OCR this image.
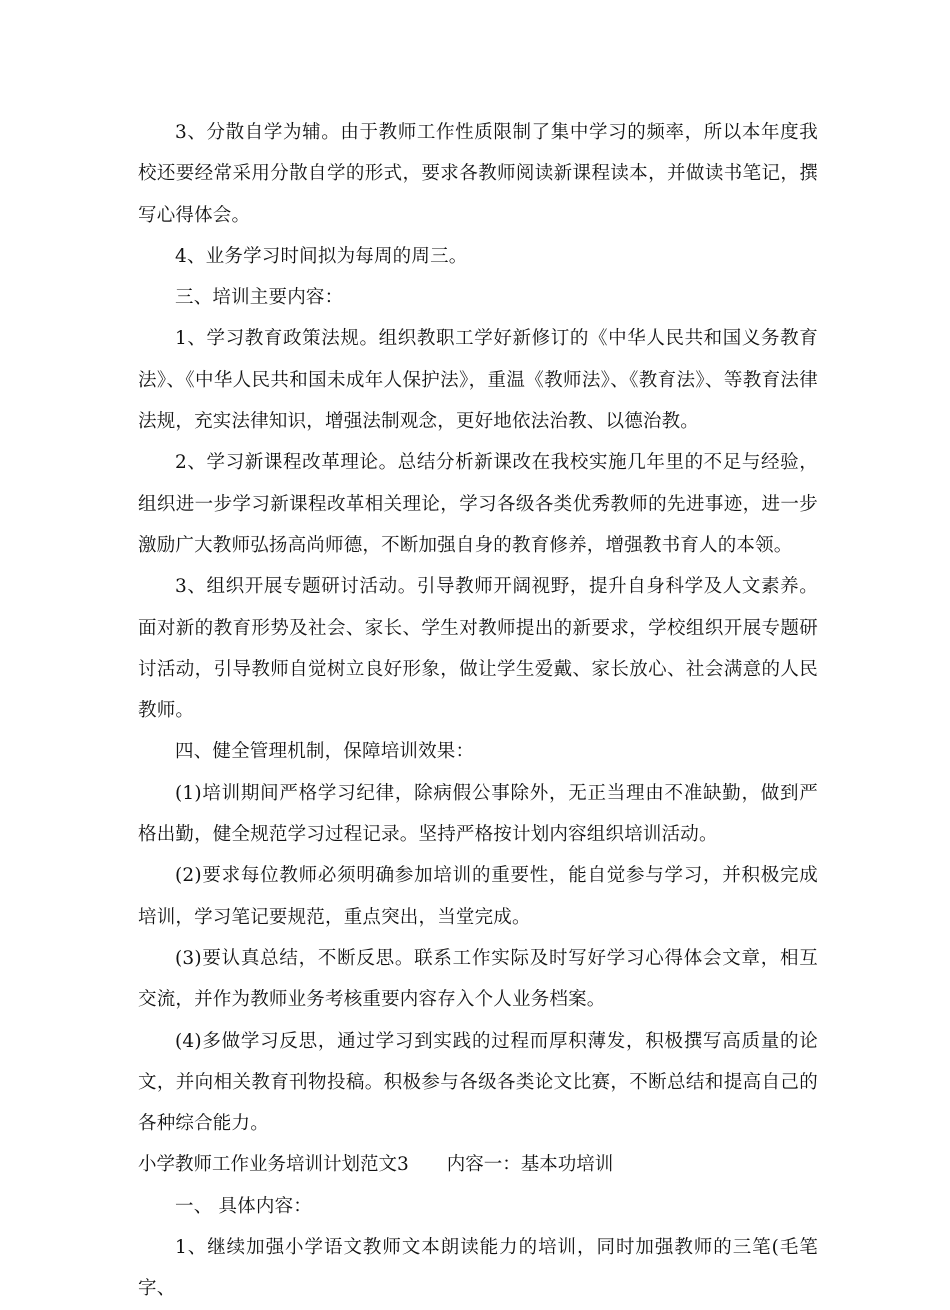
3、分散自学为辅。由于教师工作性质限制了集中学习的频率，所以本年度我校还要经常采用分散自学的形式，要求各教师阅读新课程读本，并做读书笔记，撰写心得体会。

4、业务学习时间拟为每周的周三。

三、培训主要内容：

1、学习教育政策法规。组织教职工学好新修订的《中华人民共和国义务教育法》、《中华人民共和国未成年人保护法》，重温《教师法》、《教育法》、等教育法律法规，充实法律知识，增强法制观念，更好地依法治教、以德治教。

2、学习新课程改革理论。总结分析新课改在我校实施几年里的不足与经验，组织进一步学习新课程改革相关理论，学习各级各类优秀教师的先进事迹，进一步激励广大教师弘扬高尚师德，不断加强自身的教育修养，增强教书育人的本领。

3、组织开展专题研讨活动。引导教师开阔视野，提升自身科学及人文素养。面对新的教育形势及社会、家长、学生对教师提出的新要求，学校组织开展专题研讨活动，引导教师自觉树立良好形象，做让学生爱戴、家长放心、社会满意的人民教师。

四、健全管理机制，保障培训效果：

(1)培训期间严格学习纪律，除病假公事除外，无正当理由不准缺勤，做到严格出勤，健全规范学习过程记录。坚持严格按计划内容组织培训活动。

(2)要求每位教师必须明确参加培训的重要性，能自觉参与学习，并积极完成培训，学习笔记要规范，重点突出，当堂完成。

(3)要认真总结，不断反思。联系工作实际及时写好学习心得体会文章，相互交流，并作为教师业务考核重要内容存入个人业务档案。

(4)多做学习反思，通过学习到实践的过程而厚积薄发，积极撰写高质量的论文，并向相关教育刊物投稿。积极参与各级各类论文比赛，不断总结和提高自己的各种综合能力。

小学教师工作业务培训计划范文3 内容一：基本功培训

一、 具体内容：

1、继续加强小学语文教师文本朗读能力的培训，同时加强教师的三笔(毛笔字、
